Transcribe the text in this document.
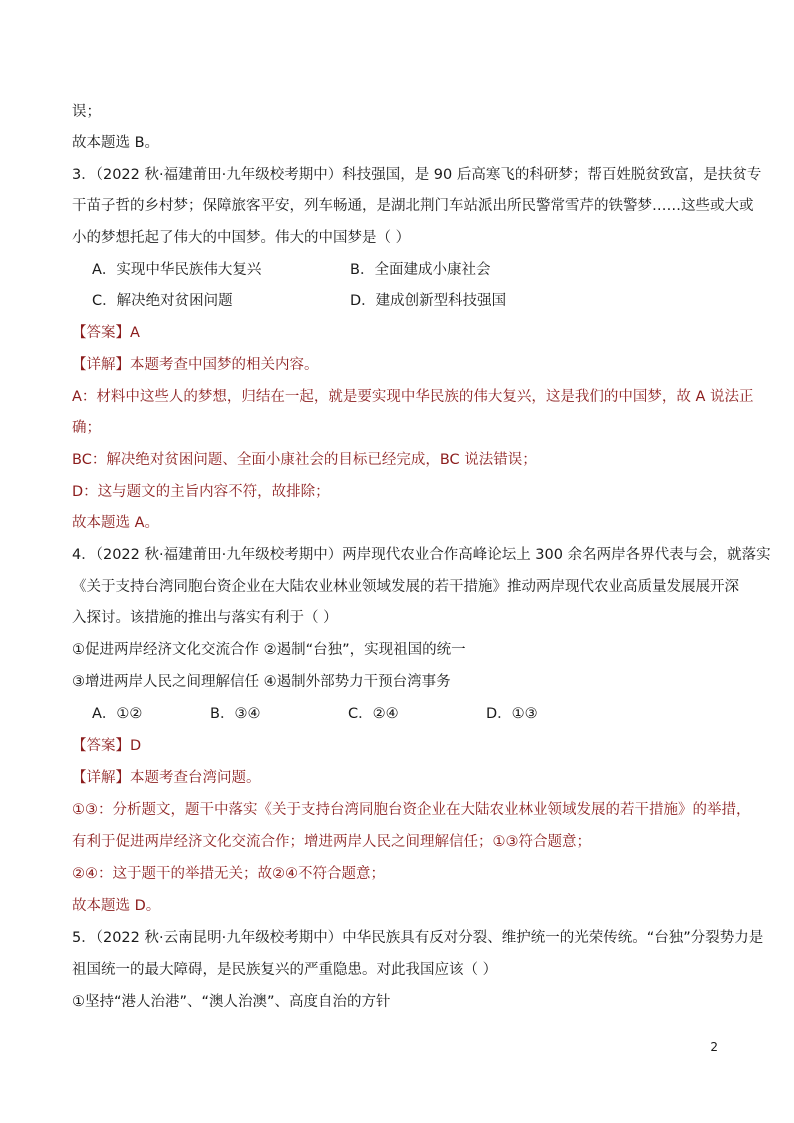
误；
故本题选 B。
3．（2022 秋·福建莆田·九年级校考期中）科技强国，是 90 后高寒飞的科研梦；帮百姓脱贫致富，是扶贫专
干苗子哲的乡村梦；保障旅客平安，列车畅通，是湖北荆门车站派出所民警常雪芹的铁警梦……这些或大或
小的梦想托起了伟大的中国梦。伟大的中国梦是（ ）
A．实现中华民族伟大复兴	B．全面建成小康社会
C．解决绝对贫困问题	D．建成创新型科技强国
【答案】A
【详解】本题考查中国梦的相关内容。
A：材料中这些人的梦想，归结在一起，就是要实现中华民族的伟大复兴，这是我们的中国梦，故 A 说法正
确；
BC：解决绝对贫困问题、全面小康社会的目标已经完成，BC 说法错误；
D：这与题文的主旨内容不符，故排除；
故本题选 A。
4．（2022 秋·福建莆田·九年级校考期中）两岸现代农业合作高峰论坛上 300 余名两岸各界代表与会，就落实
《关于支持台湾同胞台资企业在大陆农业林业领域发展的若干措施》推动两岸现代农业高质量发展展开深
入探讨。该措施的推出与落实有利于（ ）
①促进两岸经济文化交流合作 ②遏制“台独”，实现祖国的统一
③增进两岸人民之间理解信任 ④遏制外部势力干预台湾事务
A．①②	B．③④	C．②④	D．①③
【答案】D
【详解】本题考查台湾问题。
①③：分析题文，题干中落实《关于支持台湾同胞台资企业在大陆农业林业领域发展的若干措施》的举措，
有利于促进两岸经济文化交流合作；增进两岸人民之间理解信任；①③符合题意；
②④：这于题干的举措无关；故②④不符合题意；
故本题选 D。
5．（2022 秋·云南昆明·九年级校考期中）中华民族具有反对分裂、维护统一的光荣传统。“台独”分裂势力是
祖国统一的最大障碍，是民族复兴的严重隐患。对此我国应该（ ）
①坚持“港人治港”、“澳人治澳”、高度自治的方针
2
